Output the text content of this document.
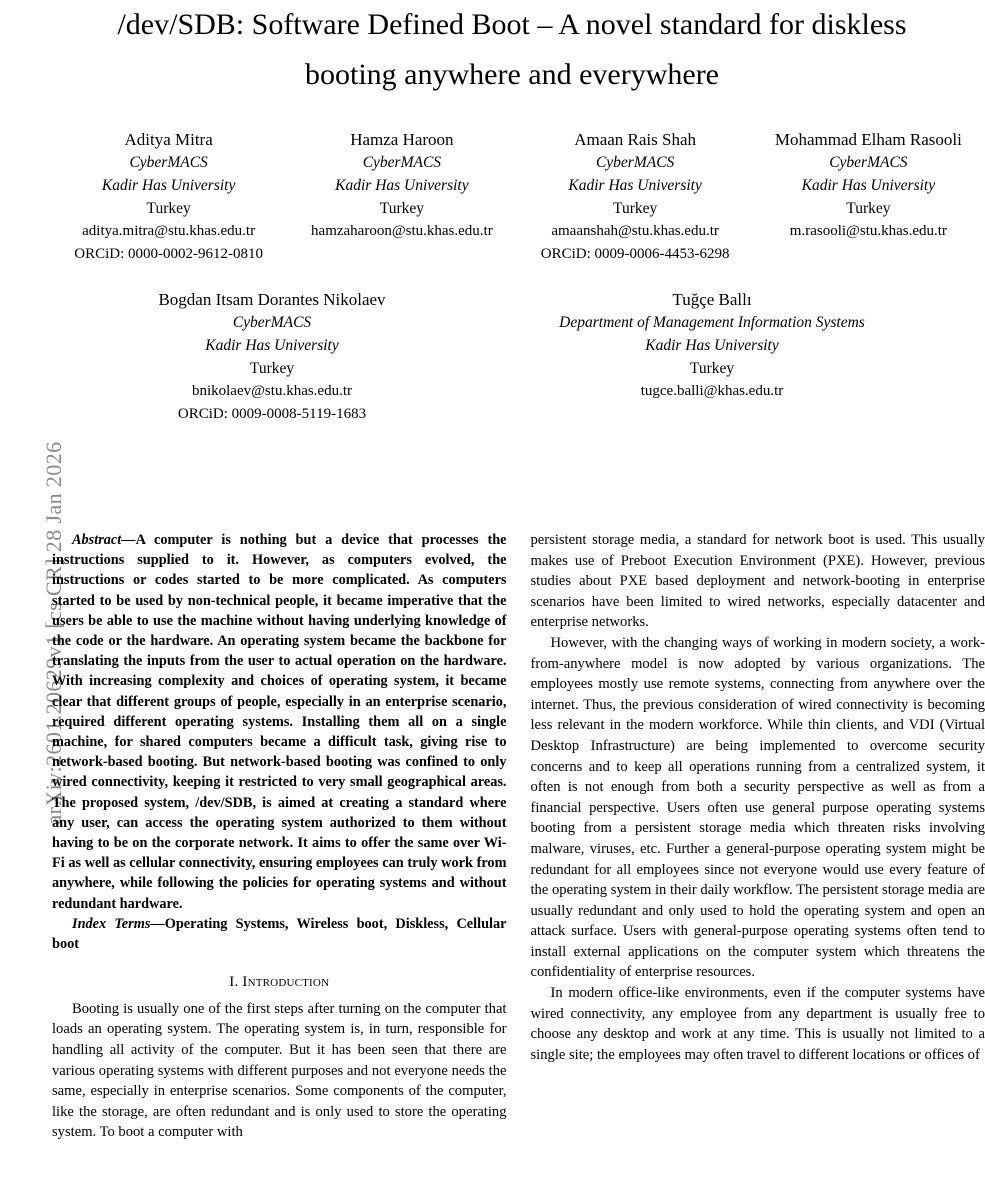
arXiv:2601.20629v1 [cs.CR] 28 Jan 2026
/dev/SDB: Software Defined Boot – A novel standard for diskless booting anywhere and everywhere
Aditya Mitra
CyberMACS
Kadir Has University
Turkey
aditya.mitra@stu.khas.edu.tr
ORCiD: 0000-0002-9612-0810
Hamza Haroon
CyberMACS
Kadir Has University
Turkey
hamzaharoon@stu.khas.edu.tr
Amaan Rais Shah
CyberMACS
Kadir Has University
Turkey
amaanshah@stu.khas.edu.tr
ORCiD: 0009-0006-4453-6298
Mohammad Elham Rasooli
CyberMACS
Kadir Has University
Turkey
m.rasooli@stu.khas.edu.tr
Bogdan Itsam Dorantes Nikolaev
CyberMACS
Kadir Has University
Turkey
bnikolaev@stu.khas.edu.tr
ORCiD: 0009-0008-5119-1683
Tuğçe Ballı
Department of Management Information Systems
Kadir Has University
Turkey
tugce.balli@khas.edu.tr

Abstract—A computer is nothing but a device that processes the instructions supplied to it. However, as computers evolved, the instructions or codes started to be more complicated. As computers started to be used by non-technical people, it became imperative that the users be able to use the machine without having underlying knowledge of the code or the hardware. An operating system became the backbone for translating the inputs from the user to actual operation on the hardware. With increasing complexity and choices of operating system, it became clear that different groups of people, especially in an enterprise scenario, required different operating systems. Installing them all on a single machine, for shared computers became a difficult task, giving rise to network-based booting. But network-based booting was confined to only wired connectivity, keeping it restricted to very small geographical areas. The proposed system, /dev/SDB, is aimed at creating a standard where any user, can access the operating system authorized to them without having to be on the corporate network. It aims to offer the same over Wi-Fi as well as cellular connectivity, ensuring employees can truly work from anywhere, while following the policies for operating systems and without redundant hardware.

Index Terms—Operating Systems, Wireless boot, Diskless, Cellular boot

I. Introduction

Booting is usually one of the first steps after turning on the computer that loads an operating system. The operating system is, in turn, responsible for handling all activity of the computer. But it has been seen that there are various operating systems with different purposes and not everyone needs the same, especially in enterprise scenarios. Some components of the computer, like the storage, are often redundant and is only used to store the operating system. To boot a computer with

persistent storage media, a standard for network boot is used. This usually makes use of Preboot Execution Environment (PXE). However, previous studies about PXE based deployment and network-booting in enterprise scenarios have been limited to wired networks, especially datacenter and enterprise networks.

However, with the changing ways of working in modern society, a work-from-anywhere model is now adopted by various organizations. The employees mostly use remote systems, connecting from anywhere over the internet. Thus, the previous consideration of wired connectivity is becoming less relevant in the modern workforce. While thin clients, and VDI (Virtual Desktop Infrastructure) are being implemented to overcome security concerns and to keep all operations running from a centralized system, it often is not enough from both a security perspective as well as from a financial perspective. Users often use general purpose operating systems booting from a persistent storage media which threaten risks involving malware, viruses, etc. Further a general-purpose operating system might be redundant for all employees since not everyone would use every feature of the operating system in their daily workflow. The persistent storage media are usually redundant and only used to hold the operating system and open an attack surface. Users with general-purpose operating systems often tend to install external applications on the computer system which threatens the confidentiality of enterprise resources.

In modern office-like environments, even if the computer systems have wired connectivity, any employee from any department is usually free to choose any desktop and work at any time. This is usually not limited to a single site; the employees may often travel to different locations or offices of
